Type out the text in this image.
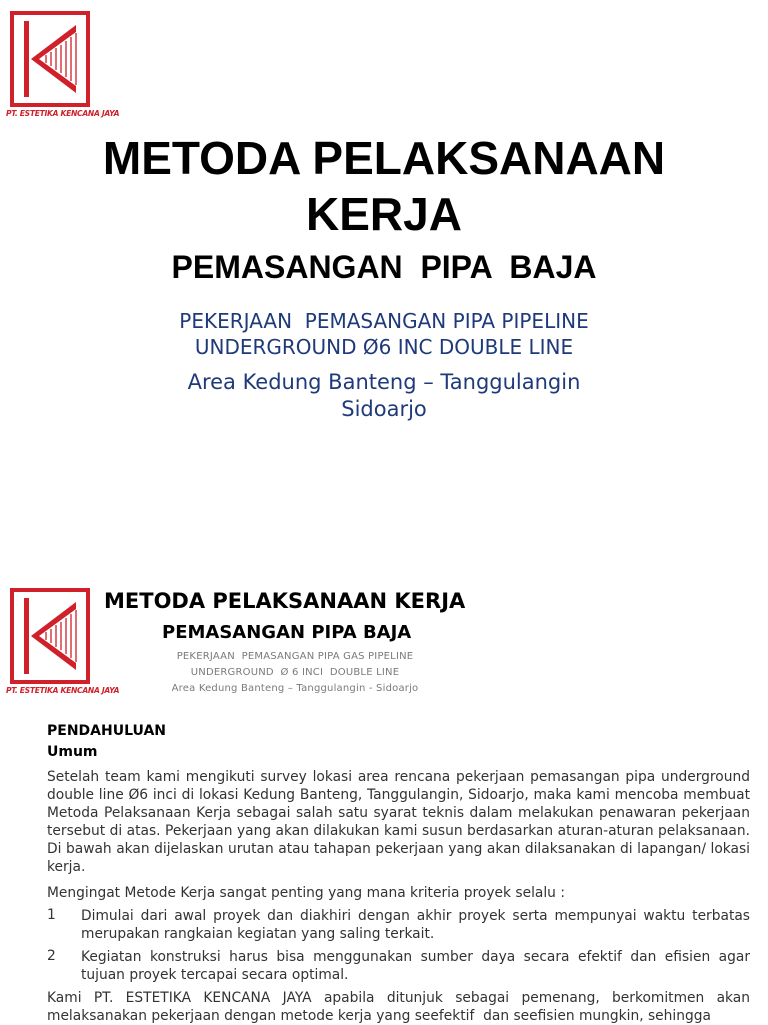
PT. ESTETIKA KENCANA JAYA
METODA PELAKSANAAN
KERJA
PEMASANGAN  PIPA  BAJA
PEKERJAAN  PEMASANGAN PIPA PIPELINE
UNDERGROUND Ø6 INC DOUBLE LINE
Area Kedung Banteng – Tanggulangin
Sidoarjo
PT. ESTETIKA KENCANA JAYA
METODA PELAKSANAAN KERJA
PEMASANGAN PIPA BAJA
PEKERJAAN  PEMASANGAN PIPA GAS PIPELINE
UNDERGROUND  Ø 6 INCI  DOUBLE LINE
Area Kedung Banteng – Tanggulangin - Sidoarjo
PENDAHULUAN
Umum
Setelah team kami mengikuti survey lokasi area rencana pekerjaan pemasangan pipa underground double line Ø6 inci di lokasi Kedung Banteng, Tanggulangin, Sidoarjo, maka kami mencoba membuat Metoda Pelaksanaan Kerja sebagai salah satu syarat teknis dalam melakukan penawaran pekerjaan tersebut di atas. Pekerjaan yang akan dilakukan kami susun berdasarkan aturan-aturan pelaksanaan. Di bawah akan dijelaskan urutan atau tahapan pekerjaan yang akan dilaksanakan di lapangan/ lokasi kerja.
Mengingat Metode Kerja sangat penting yang mana kriteria proyek selalu :
1 Dimulai dari awal proyek dan diakhiri dengan akhir proyek serta mempunyai waktu terbatas merupakan rangkaian kegiatan yang saling terkait.
2 Kegiatan konstruksi harus bisa menggunakan sumber daya secara efektif dan efisien agar tujuan proyek tercapai secara optimal.
Kami PT. ESTETIKA KENCANA JAYA apabila ditunjuk sebagai pemenang, berkomitmen akan melaksanakan pekerjaan dengan metode kerja yang seefektif  dan seefisien mungkin, sehingga
